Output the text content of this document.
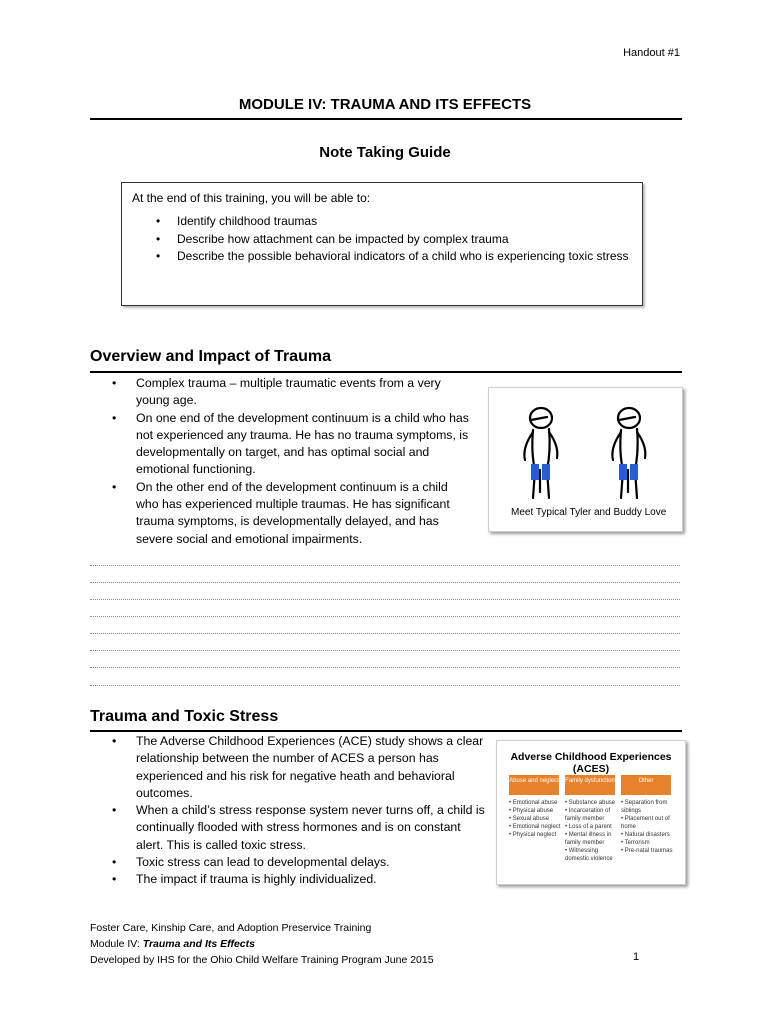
Handout #1
MODULE IV: TRAUMA AND ITS EFFECTS
Note Taking Guide
At the end of this training, you will be able to:
• Identify childhood traumas
• Describe how attachment can be impacted by complex trauma
• Describe the possible behavioral indicators of a child who is experiencing toxic stress
Overview and Impact of Trauma
• Complex trauma – multiple traumatic events from a very young age.
• On one end of the development continuum is a child who has not experienced any trauma. He has no trauma symptoms, is developmentally on target, and has optimal social and emotional functioning.
• On the other end of the development continuum is a child who has experienced multiple traumas. He has significant trauma symptoms, is developmentally delayed, and has severe social and emotional impairments.
Meet Typical Tyler and Buddy Love
Trauma and Toxic Stress
• The Adverse Childhood Experiences (ACE) study shows a clear relationship between the number of ACES a person has experienced and his risk for negative heath and behavioral outcomes.
• When a child’s stress response system never turns off, a child is continually flooded with stress hormones and is on constant alert. This is called toxic stress.
• Toxic stress can lead to developmental delays.
• The impact if trauma is highly individualized.
Adverse Childhood Experiences (ACES)
Abuse and neglect Family dysfunction	Other
• Emotional abuse
• Physical abuse
• Sexual abuse
• Emotional neglect
• Physical neglect
• Substance abuse
• Incarceration of family member
• Loss of a parent
• Mental illness in family member
• Witnessing domestic violence
• Separation from siblings
• Placement out of home
• Natural disasters
• Terrorism
• Pre-natal traumas
Foster Care, Kinship Care, and Adoption Preservice Training
Module IV: Trauma and Its Effects
Developed by IHS for the Ohio Child Welfare Training Program June 2015	1
